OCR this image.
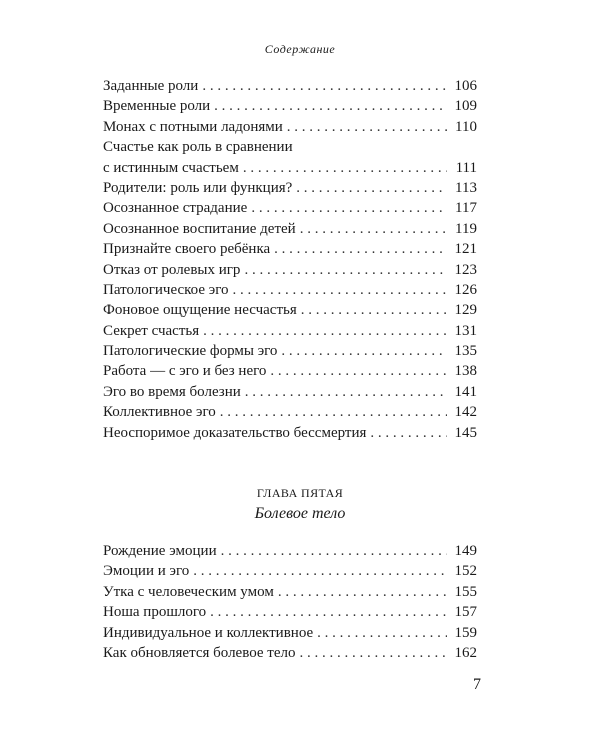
Содержание
Заданные роли . . .	106
Временные роли . . .	109
Монах с потными ладонями . . .	110
Счастье как роль в сравнении
с истинным счастьем . . .	111
Родители: роль или функция? . . .	113
Осознанное страдание . . .	117
Осознанное воспитание детей . . .	119
Признайте своего ребёнка . . .	121
Отказ от ролевых игр . . .	123
Патологическое эго . . .	126
Фоновое ощущение несчастья . . .	129
Секрет счастья . . .	131
Патологические формы эго . . .	135
Работа — с эго и без него . . .	138
Эго во время болезни . . .	141
Коллективное эго . . .	142
Неоспоримое доказательство бессмертия . . .	145
ГЛАВА ПЯТАЯ
Болевое тело
Рождение эмоции . . .	149
Эмоции и эго . . .	152
Утка с человеческим умом . . .	155
Ноша прошлого . . .	157
Индивидуальное и коллективное . . .	159
Как обновляется болевое тело . . .	162
7
